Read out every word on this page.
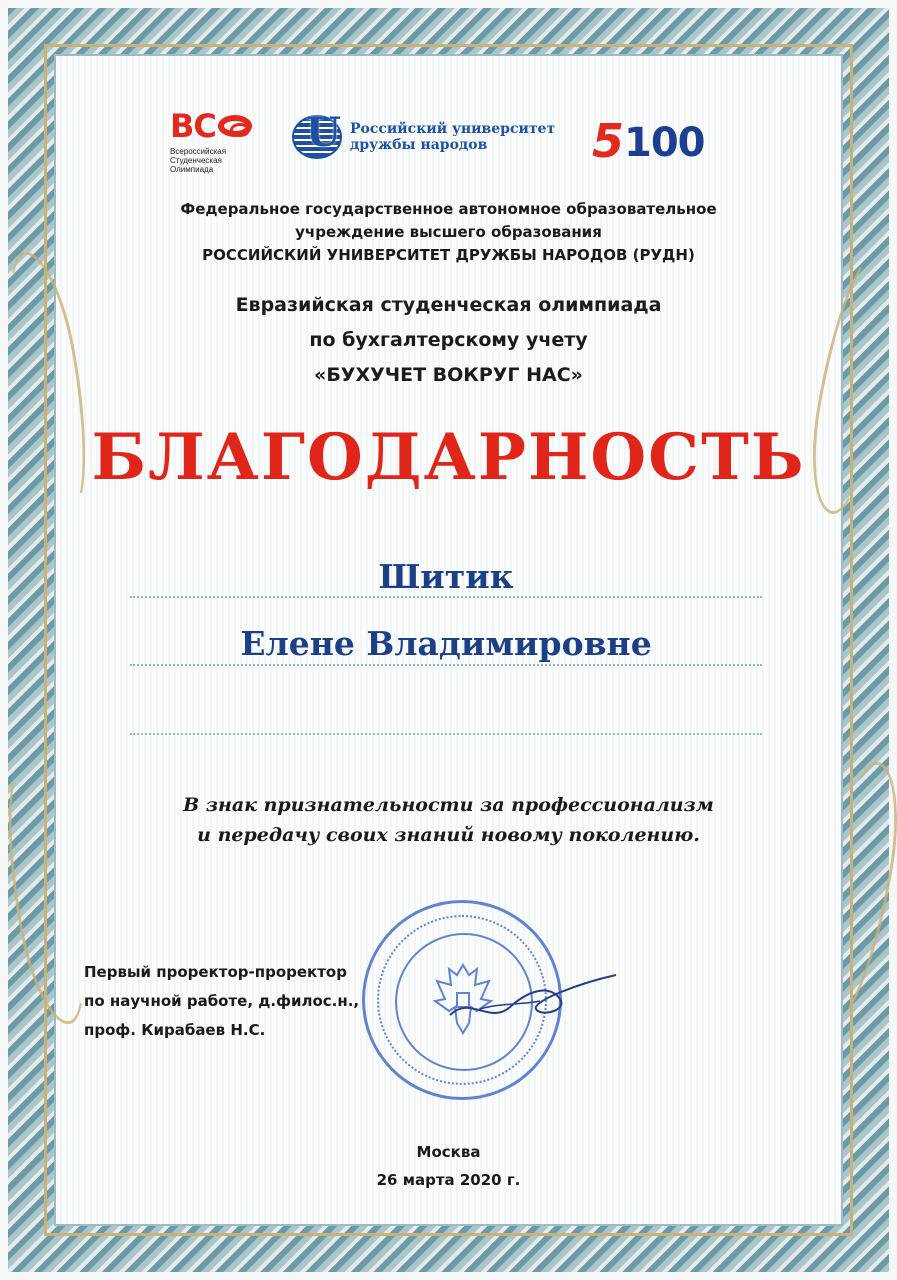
ВС
Всероссийская
Студенческая
Олимпиада
U Российский университет
дружбы народов	5 100
Федеральное государственное автономное образовательное
учреждение высшего образования
РОССИЙСКИЙ УНИВЕРСИТЕТ ДРУЖБЫ НАРОДОВ (РУДН)
Евразийская студенческая олимпиада
по бухгалтерскому учету
«БУХУЧЕТ ВОКРУГ НАС»
БЛАГОДАРНОСТЬ
Шитик
Елене Владимировне
В знак признательности за профессионализм
и передачу своих знаний новому поколению.
Первый проректор-проректор
по научной работе, д.филос.н.,
проф. Кирабаев Н.С.
Москва
26 марта 2020 г.
